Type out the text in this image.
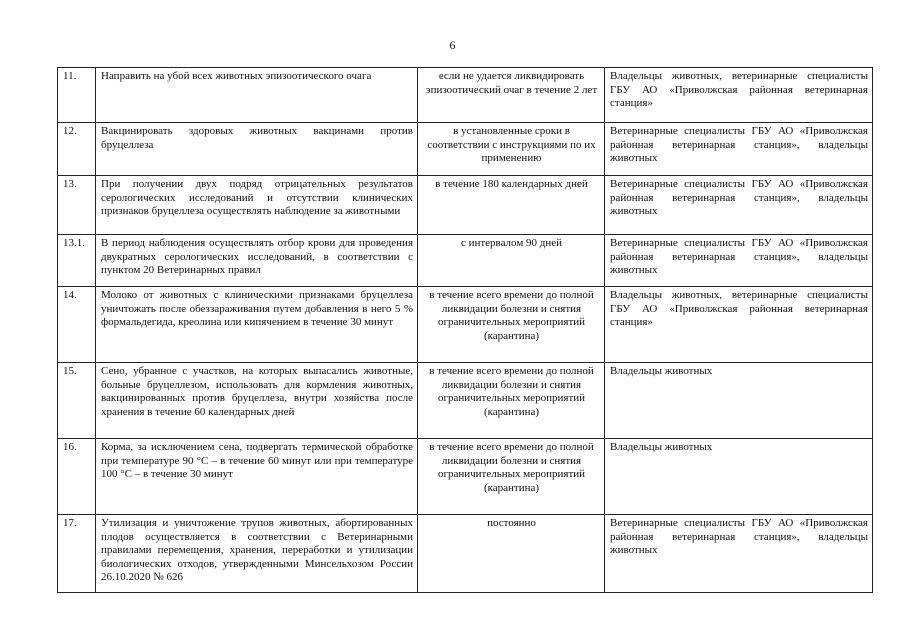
6
11.	Направить на убой всех животных эпизоотического очага	если не удается ликвидировать эпизоотический очаг в течение 2 лет	Владельцы животных, ветеринарные специалисты ГБУ АО «Приволжская районная ветеринарная станция»
12.	Вакцинировать здоровых животных вакцинами против бруцеллеза	в установленные сроки в соответствии с инструкциями по их применению	Ветеринарные специалисты ГБУ АО «Приволжская районная ветеринарная станция», владельцы животных
13.	При получении двух подряд отрицательных результатов серологических исследований и отсутствии клинических признаков бруцеллеза осуществлять наблюдение за животными	в течение 180 календарных дней	Ветеринарные специалисты ГБУ АО «Приволжская районная ветеринарная станция», владельцы животных
13.1.	В период наблюдения осуществлять отбор крови для проведения двукратных серологических исследований, в соответствии с пунктом 20 Ветеринарных правил	с интервалом 90 дней	Ветеринарные специалисты ГБУ АО «Приволжская районная ветеринарная станция», владельцы животных
14.	Молоко от животных с клиническими признаками бруцеллеза уничтожать после обеззараживания путем добавления в него 5 % формальдегида, креолина или кипячением в течение 30 минут	в течение всего времени до полной ликвидации болезни и снятия ограничительных мероприятий (карантина)	Владельцы животных, ветеринарные специалисты ГБУ АО «Приволжская районная ветеринарная станция»
15.	Сено, убранное с участков, на которых выпасались животные, больные бруцеллезом, использовать для кормления животных, вакцинированных против бруцеллеза, внутри хозяйства после хранения в течение 60 календарных дней	в течение всего времени до полной ликвидации болезни и снятия ограничительных мероприятий (карантина)	Владельцы животных
16.	Корма, за исключением сена, подвергать термической обработке при температуре 90 °С – в течение 60 минут или при температуре 100 °С – в течение 30 минут	в течение всего времени до полной ликвидации болезни и снятия ограничительных мероприятий (карантина)	Владельцы животных
17.	Утилизация и уничтожение трупов животных, абортированных плодов осуществляется в соответствии с Ветеринарными правилами перемещения, хранения, переработки и утилизации биологических отходов, утвержденными Минсельхозом России 26.10.2020 № 626	постоянно	Ветеринарные специалисты ГБУ АО «Приволжская районная ветеринарная станция», владельцы животных
